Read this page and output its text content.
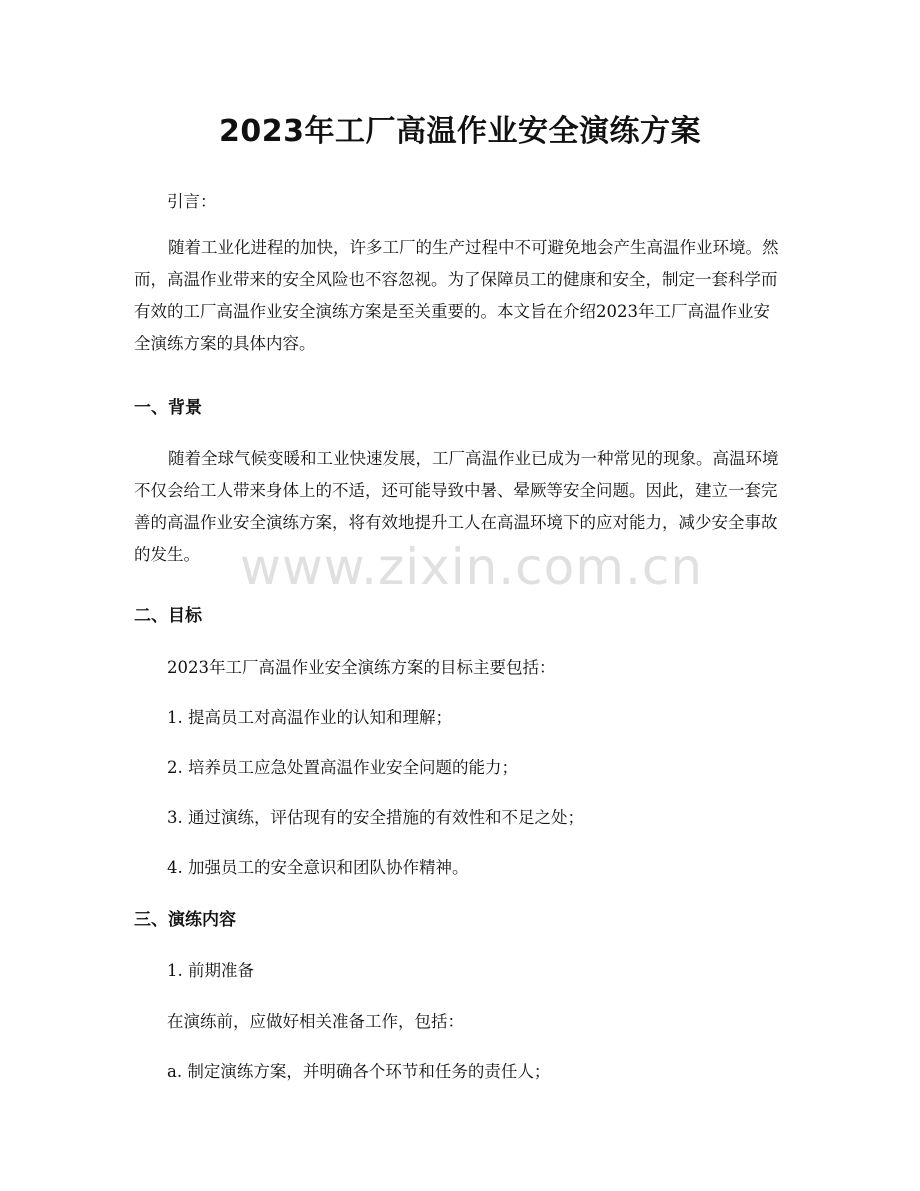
2023年工厂高温作业安全演练方案
引言：
随着工业化进程的加快，许多工厂的生产过程中不可避免地会产生高温作业环境。然而，高温作业带来的安全风险也不容忽视。为了保障员工的健康和安全，制定一套科学而有效的工厂高温作业安全演练方案是至关重要的。本文旨在介绍2023年工厂高温作业安全演练方案的具体内容。
一、背景
随着全球气候变暖和工业快速发展，工厂高温作业已成为一种常见的现象。高温环境不仅会给工人带来身体上的不适，还可能导致中暑、晕厥等安全问题。因此，建立一套完善的高温作业安全演练方案，将有效地提升工人在高温环境下的应对能力，减少安全事故的发生。
二、目标
2023年工厂高温作业安全演练方案的目标主要包括：
1. 提高员工对高温作业的认知和理解；
2. 培养员工应急处置高温作业安全问题的能力；
3. 通过演练，评估现有的安全措施的有效性和不足之处；
4. 加强员工的安全意识和团队协作精神。
三、演练内容
1. 前期准备
在演练前，应做好相关准备工作，包括：
a. 制定演练方案，并明确各个环节和任务的责任人；
www.zixin.com.cn
